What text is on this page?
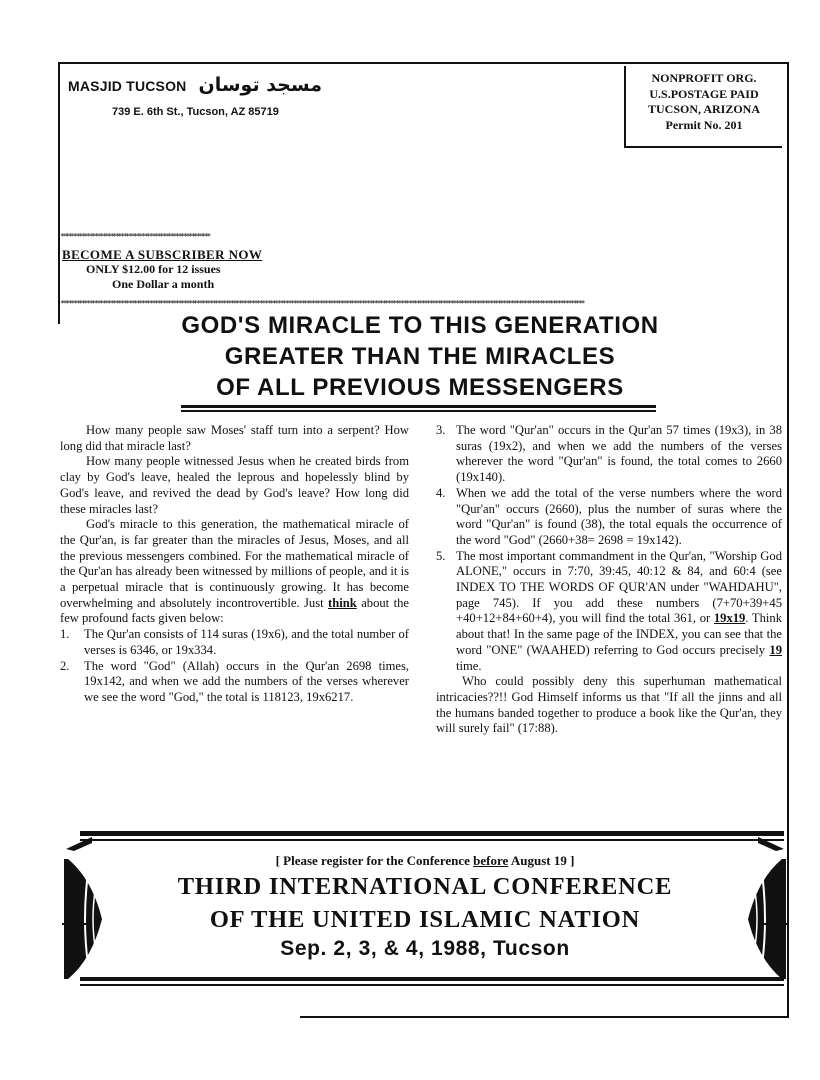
MASJID TUCSON مسجد توسان
739 E. 6th St., Tucson, AZ 85719
NONPROFIT ORG.
U.S.POSTAGE PAID
TUCSON, ARIZONA
Permit No. 201
*********************************************************
BECOME A SUBSCRIBER NOW
ONLY $12.00 for 12 issues
One Dollar a month
********************************************************************************************************************************************************************************************************
GOD'S MIRACLE TO THIS GENERATION
GREATER THAN THE MIRACLES
OF ALL PREVIOUS MESSENGERS

How many people saw Moses' staff turn into a serpent? How long did that miracle last?

How many people witnessed Jesus when he created birds from clay by God's leave, healed the leprous and hopelessly blind by God's leave, and revived the dead by God's leave? How long did these miracles last?

God's miracle to this generation, the mathematical miracle of the Qur'an, is far greater than the miracles of Jesus, Moses, and all the previous messengers combined. For the mathematical miracle of the Qur'an has already been witnessed by millions of people, and it is a perpetual miracle that is continuously growing. It has become overwhelming and absolutely incontrovertible. Just think about the few profound facts given below:

1.	The Qur'an consists of 114 suras (19x6), and the total number of verses is 6346, or 19x334.
2.	The word "God" (Allah) occurs in the Qur'an 2698 times, 19x142, and when we add the numbers of the verses wherever we see the word "God," the total is 118123, 19x6217.
3. The word "Qur'an" occurs in the Qur'an 57 times (19x3), in 38 suras (19x2), and when we add the numbers of the verses wherever the word "Qur'an" is found, the total comes to 2660 (19x140).
4. When we add the total of the verse numbers where the word "Qur'an" occurs (2660), plus the number of suras where the word "Qur'an" is found (38), the total equals the occurrence of the word "God" (2660+38= 2698 = 19x142).
5. The most important commandment in the Qur'an, "Worship God ALONE," occurs in 7:70, 39:45, 40:12 & 84, and 60:4 (see INDEX TO THE WORDS OF QUR'AN under "WAHDAHU", page 745). If you add these numbers (7+70+39+45 +40+12+84+60+4), you will find the total 361, or 19x19. Think about that! In the same page of the INDEX, you can see that the word "ONE" (WAAHED) referring to God occurs precisely 19 time.

Who could possibly deny this superhuman mathematical intricacies??!! God Himself informs us that "If all the jinns and all the humans banded together to produce a book like the Qur'an, they will surely fail" (17:88).

[ Please register for the Conference before August 19 ]
THIRD INTERNATIONAL CONFERENCE
OF THE UNITED ISLAMIC NATION
Sep. 2, 3, & 4, 1988, Tucson
